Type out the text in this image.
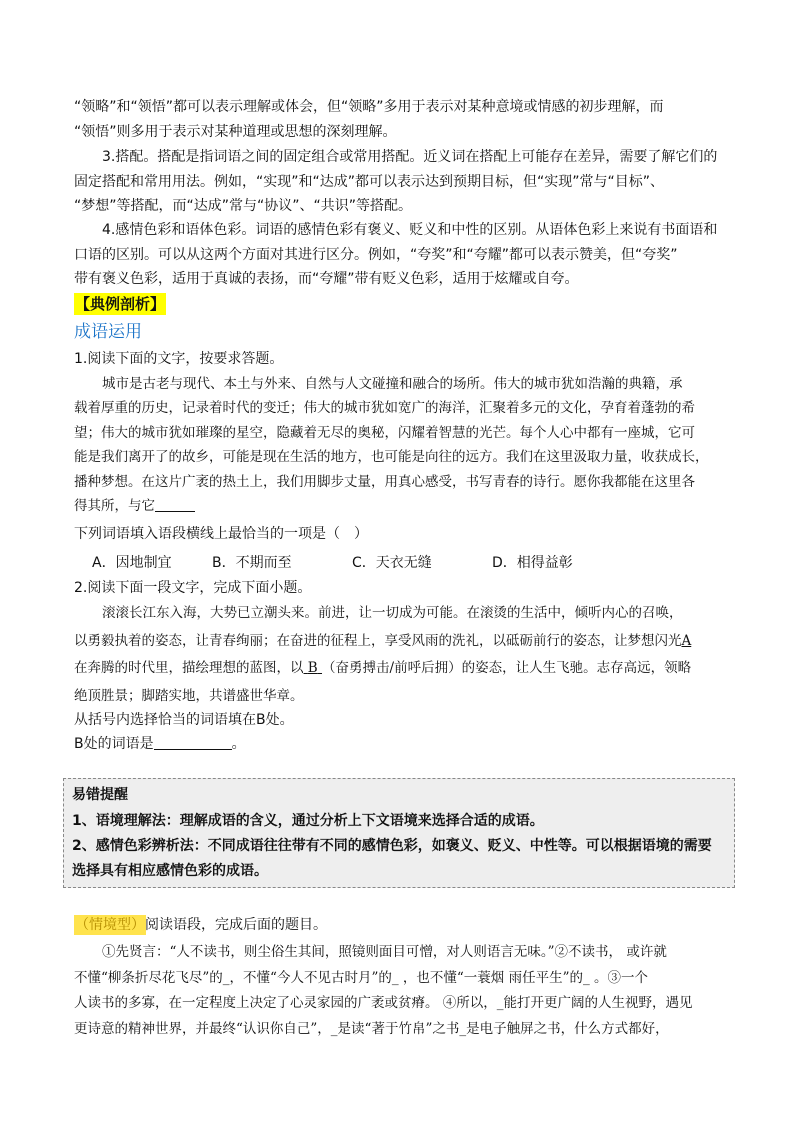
“领略”和“领悟”都可以表示理解或体会，但“领略”多用于表示对某种意境或情感的初步理解，而
“领悟”则多用于表示对某种道理或思想的深刻理解。
3.搭配。搭配是指词语之间的固定组合或常用搭配。近义词在搭配上可能存在差异，需要了解它们的
固定搭配和常用用法。例如，“实现”和“达成”都可以表示达到预期目标，但“实现”常与“目标”、
“梦想”等搭配，而“达成”常与“协议”、“共识”等搭配。
4.感情色彩和语体色彩。词语的感情色彩有褒义、贬义和中性的区别。从语体色彩上来说有书面语和
口语的区别。可以从这两个方面对其进行区分。例如，“夸奖”和“夸耀”都可以表示赞美，但“夸奖”
带有褒义色彩，适用于真诚的表扬，而“夸耀”带有贬义色彩，适用于炫耀或自夸。
【典例剖析】
成语运用
1.阅读下面的文字，按要求答题。
城市是古老与现代、本土与外来、自然与人文碰撞和融合的场所。伟大的城市犹如浩瀚的典籍，承
载着厚重的历史，记录着时代的变迁；伟大的城市犹如宽广的海洋，汇聚着多元的文化，孕育着蓬勃的希
望；伟大的城市犹如璀璨的星空，隐藏着无尽的奥秘，闪耀着智慧的光芒。每个人心中都有一座城，它可
能是我们离开了的故乡，可能是现在生活的地方，也可能是向往的远方。我们在这里汲取力量，收获成长，
播种梦想。在这片广袤的热土上，我们用脚步丈量，用真心感受，书写青春的诗行。愿你我都能在这里各
得其所，与它
下列词语填入语段横线上最恰当的一项是（　）
A．因地制宜	B．不期而至	C．天衣无缝	D．相得益彰
2.阅读下面一段文字，完成下面小题。
滚滚长江东入海，大势已立潮头来。前进，让一切成为可能。在滚烫的生活中，倾听内心的召唤，
以勇毅执着的姿态，让青春绚丽；在奋进的征程上，享受风雨的洗礼，以砥砺前行的姿态，让梦想闪光A
在奔腾的时代里，描绘理想的蓝图，以 B （奋勇搏击/前呼后拥）的姿态，让人生飞驰。志存高远，领略
绝顶胜景；脚踏实地，共谱盛世华章。
从括号内选择恰当的词语填在B处。
B处的词语是	。
易错提醒
1、语境理解法：理解成语的含义，通过分析上下文语境来选择合适的成语。
2、感情色彩辨析法：不同成语往往带有不同的感情色彩，如褒义、贬义、中性等。可以根据语境的需要
选择具有相应感情色彩的成语。
（情境型） 阅读语段，完成后面的题目。
①先贤言：“人不读书，则尘俗生其间，照镜则面目可憎，对人则语言无味。”②不读书， 或许就
不懂“柳条折尽花飞尽”的_，不懂“今人不见古时月”的_ ，也不懂“一蓑烟 雨任平生”的_ 。③一个
人读书的多寡，在一定程度上决定了心灵家园的广袤或贫瘠。 ④所以，_能打开更广阔的人生视野，遇见
更诗意的精神世界，并最终“认识你自己”，_是读“著于竹帛”之书_是电子触屏之书，什么方式都好，
